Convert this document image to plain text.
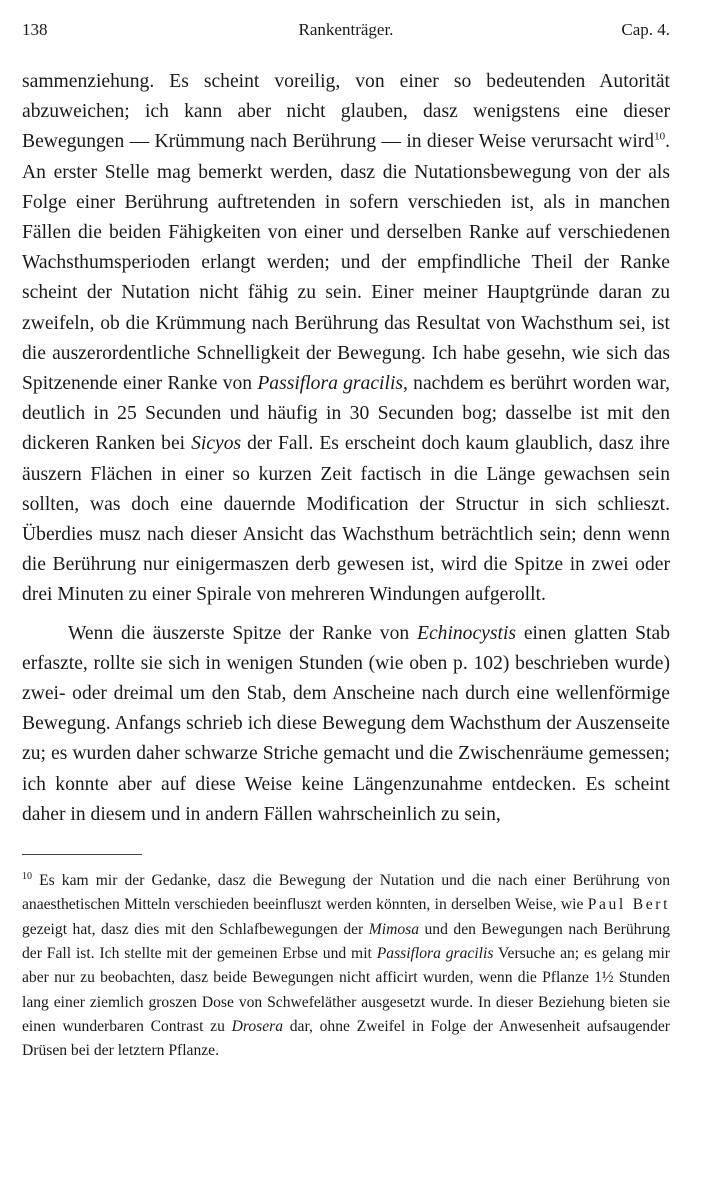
138	Rankenträger.	Cap. 4.

sammenziehung. Es scheint voreilig, von einer so bedeutenden Autorität abzuweichen; ich kann aber nicht glauben, dasz wenigstens eine dieser Bewegungen — Krümmung nach Berührung — in dieser Weise verursacht wird$^{10}$. An erster Stelle mag bemerkt werden, dasz die Nutationsbewegung von der als Folge einer Berührung auftretenden in sofern verschieden ist, als in manchen Fällen die beiden Fähigkeiten von einer und derselben Ranke auf verschiedenen Wachsthumsperioden erlangt werden; und der empfindliche Theil der Ranke scheint der Nutation nicht fähig zu sein. Einer meiner Hauptgründe daran zu zweifeln, ob die Krümmung nach Berührung das Resultat von Wachsthum sei, ist die auszerordentliche Schnelligkeit der Bewegung. Ich habe gesehn, wie sich das Spitzenende einer Ranke von Passiflora gracilis, nachdem es berührt worden war, deutlich in 25 Secunden und häufig in 30 Secunden bog; dasselbe ist mit den dickeren Ranken bei Sicyos der Fall. Es erscheint doch kaum glaublich, dasz ihre äuszern Flächen in einer so kurzen Zeit factisch in die Länge gewachsen sein sollten, was doch eine dauernde Modification der Structur in sich schlieszt. Überdies musz nach dieser Ansicht das Wachsthum beträchtlich sein; denn wenn die Berührung nur einigermaszen derb gewesen ist, wird die Spitze in zwei oder drei Minuten zu einer Spirale von mehreren Windungen aufgerollt.

Wenn die äuszerste Spitze der Ranke von Echinocystis einen glatten Stab erfaszte, rollte sie sich in wenigen Stunden (wie oben p. 102) beschrieben wurde) zwei- oder dreimal um den Stab, dem Anscheine nach durch eine wellenförmige Bewegung. Anfangs schrieb ich diese Bewegung dem Wachsthum der Auszenseite zu; es wurden daher schwarze Striche gemacht und die Zwischenräume gemessen; ich konnte aber auf diese Weise keine Längenzunahme entdecken. Es scheint daher in diesem und in andern Fällen wahrscheinlich zu sein,

$^{10}$ Es kam mir der Gedanke, dasz die Bewegung der Nutation und die nach einer Berührung von anaesthetischen Mitteln verschieden beeinfluszt werden könnten, in derselben Weise, wie Paul Bert gezeigt hat, dasz dies mit den Schlafbewegungen der Mimosa und den Bewegungen nach Berührung der Fall ist. Ich stellte mit der gemeinen Erbse und mit Passiflora gracilis Versuche an; es gelang mir aber nur zu beobachten, dasz beide Bewegungen nicht afficirt wurden, wenn die Pflanze 1½ Stunden lang einer ziemlich groszen Dose von Schwefeläther ausgesetzt wurde. In dieser Beziehung bieten sie einen wunderbaren Contrast zu Drosera dar, ohne Zweifel in Folge der Anwesenheit aufsaugender Drüsen bei der letztern Pflanze.
